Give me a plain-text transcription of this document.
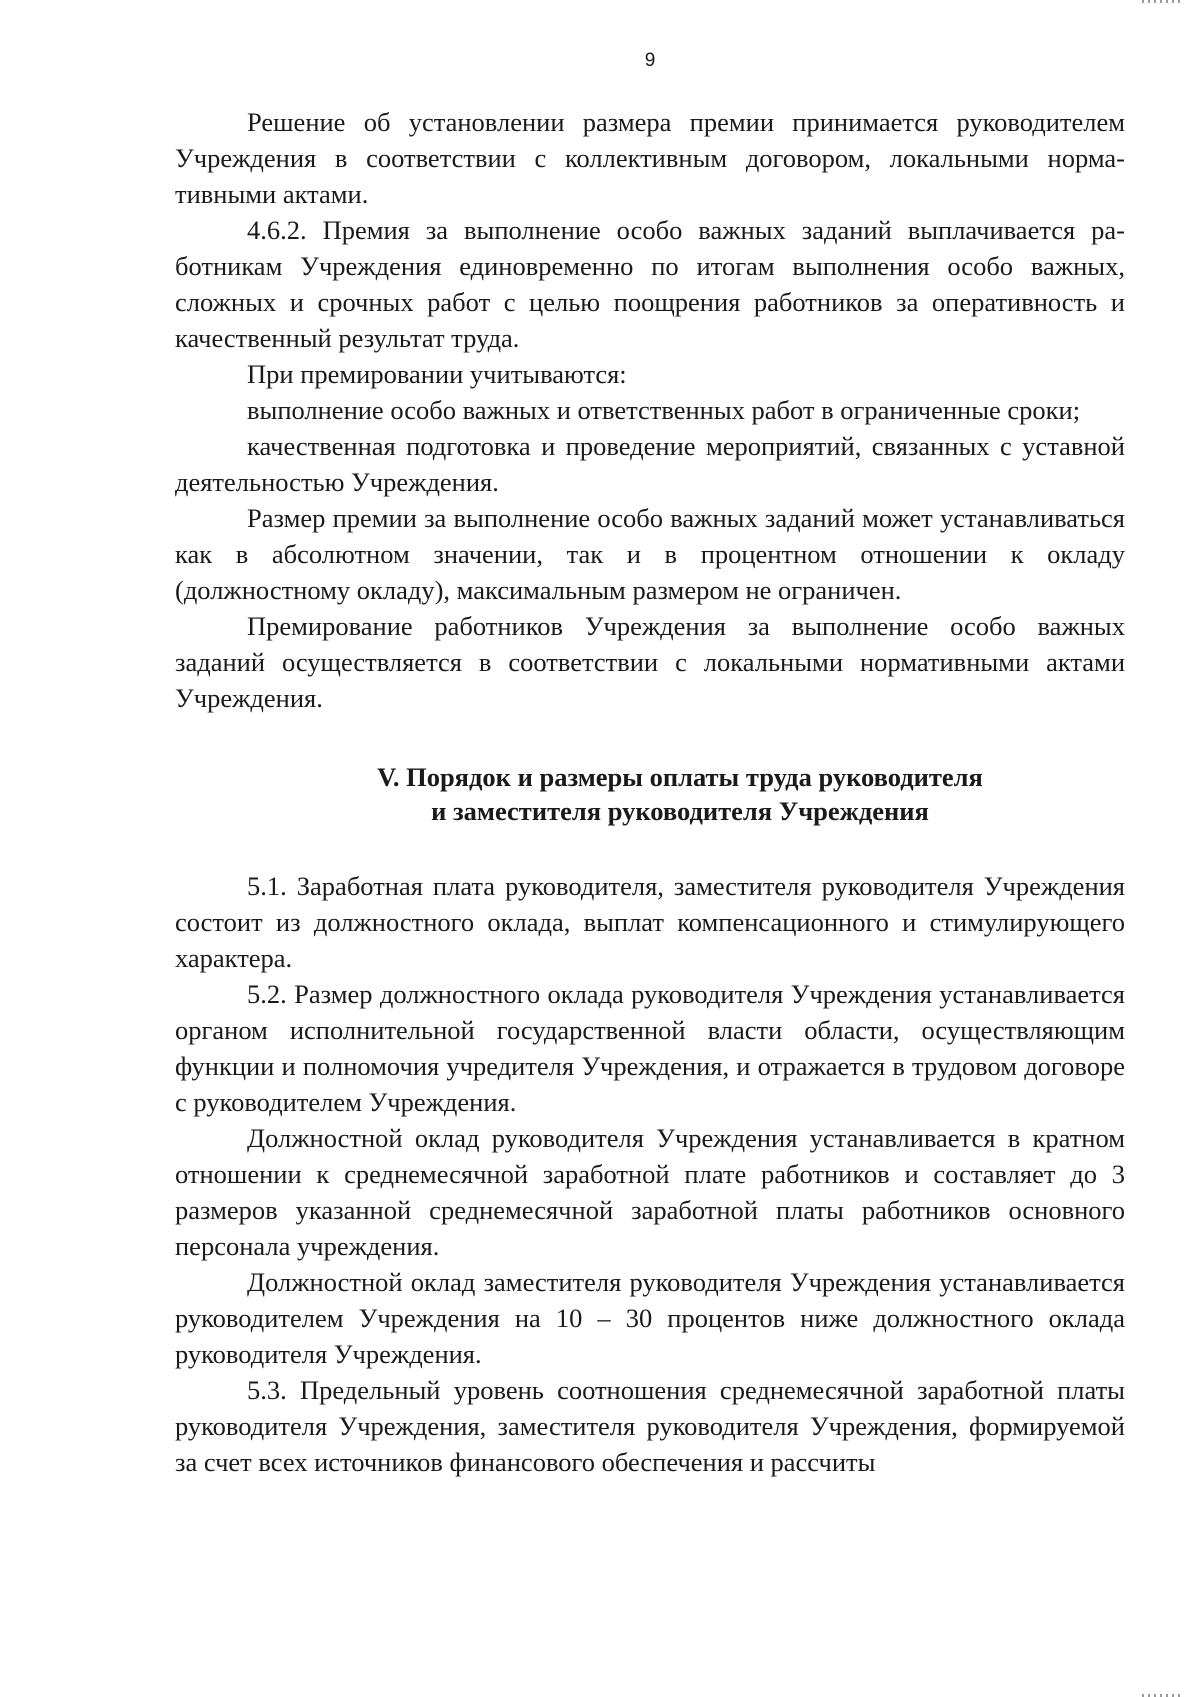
9

Решение об установлении размера премии принимается руководителем Учреждения в соответствии с коллективным договором, локальными нормативными актами.

4.6.2. Премия за выполнение особо важных заданий выплачивается работникам Учреждения единовременно по итогам выполнения особо важных, сложных и срочных работ с целью поощрения работников за оперативность и качественный результат труда.

При премировании учитываются:

выполнение особо важных и ответственных работ в ограниченные сроки;

качественная подготовка и проведение мероприятий, связанных с уставной деятельностью Учреждения.

Размер премии за выполнение особо важных заданий может устанавливаться как в абсолютном значении, так и в процентном отношении к окладу (должностному окладу), максимальным размером не ограничен.

Премирование работников Учреждения за выполнение особо важных заданий осуществляется в соответствии с локальными нормативными актами Учреждения.

V. Порядок и размеры оплаты труда руководителя
и заместителя руководителя Учреждения

5.1. Заработная плата руководителя, заместителя руководителя Учреждения состоит из должностного оклада, выплат компенсационного и стимулирующего характера.

5.2. Размер должностного оклада руководителя Учреждения устанавливается органом исполнительной государственной власти области, осуществляющим функции и полномочия учредителя Учреждения, и отражается в трудовом договоре с руководителем Учреждения.

Должностной оклад руководителя Учреждения устанавливается в кратном отношении к среднемесячной заработной плате работников и составляет до 3 размеров указанной среднемесячной заработной платы работников основного персонала учреждения.

Должностной оклад заместителя руководителя Учреждения устанавливается руководителем Учреждения на 10 – 30 процентов ниже должностного оклада руководителя Учреждения.

5.3. Предельный уровень соотношения среднемесячной заработной платы руководителя Учреждения, заместителя руководителя Учреждения, формируемой за счет всех источников финансового обеспечения и рассчиты
